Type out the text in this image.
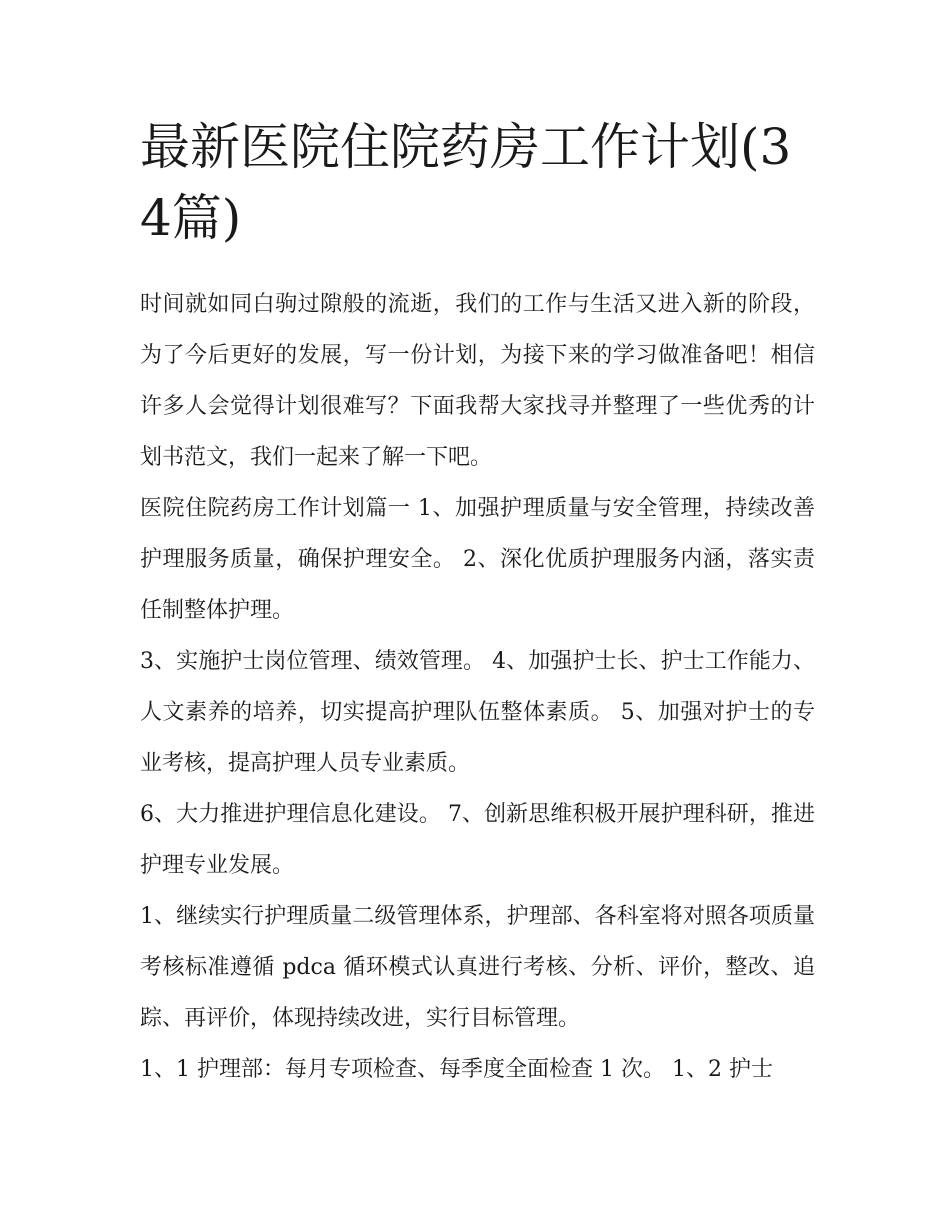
最新医院住院药房工作计划(34篇)

时间就如同白驹过隙般的流逝，我们的工作与生活又进入新的阶段，为了今后更好的发展，写一份计划，为接下来的学习做准备吧！相信许多人会觉得计划很难写？下面我帮大家找寻并整理了一些优秀的计划书范文，我们一起来了解一下吧。

医院住院药房工作计划篇一 1、加强护理质量与安全管理，持续改善护理服务质量，确保护理安全。 2、深化优质护理服务内涵，落实责任制整体护理。

3、实施护士岗位管理、绩效管理。 4、加强护士长、护士工作能力、人文素养的培养，切实提高护理队伍整体素质。 5、加强对护士的专业考核，提高护理人员专业素质。

6、大力推进护理信息化建设。 7、创新思维积极开展护理科研，推进护理专业发展。

1、继续实行护理质量二级管理体系，护理部、各科室将对照各项质量考核标准遵循 pdca 循环模式认真进行考核、分析、评价，整改、追踪、再评价，体现持续改进，实行目标管理。

1、1 护理部：每月专项检查、每季度全面检查 1 次。 1、2 护士
